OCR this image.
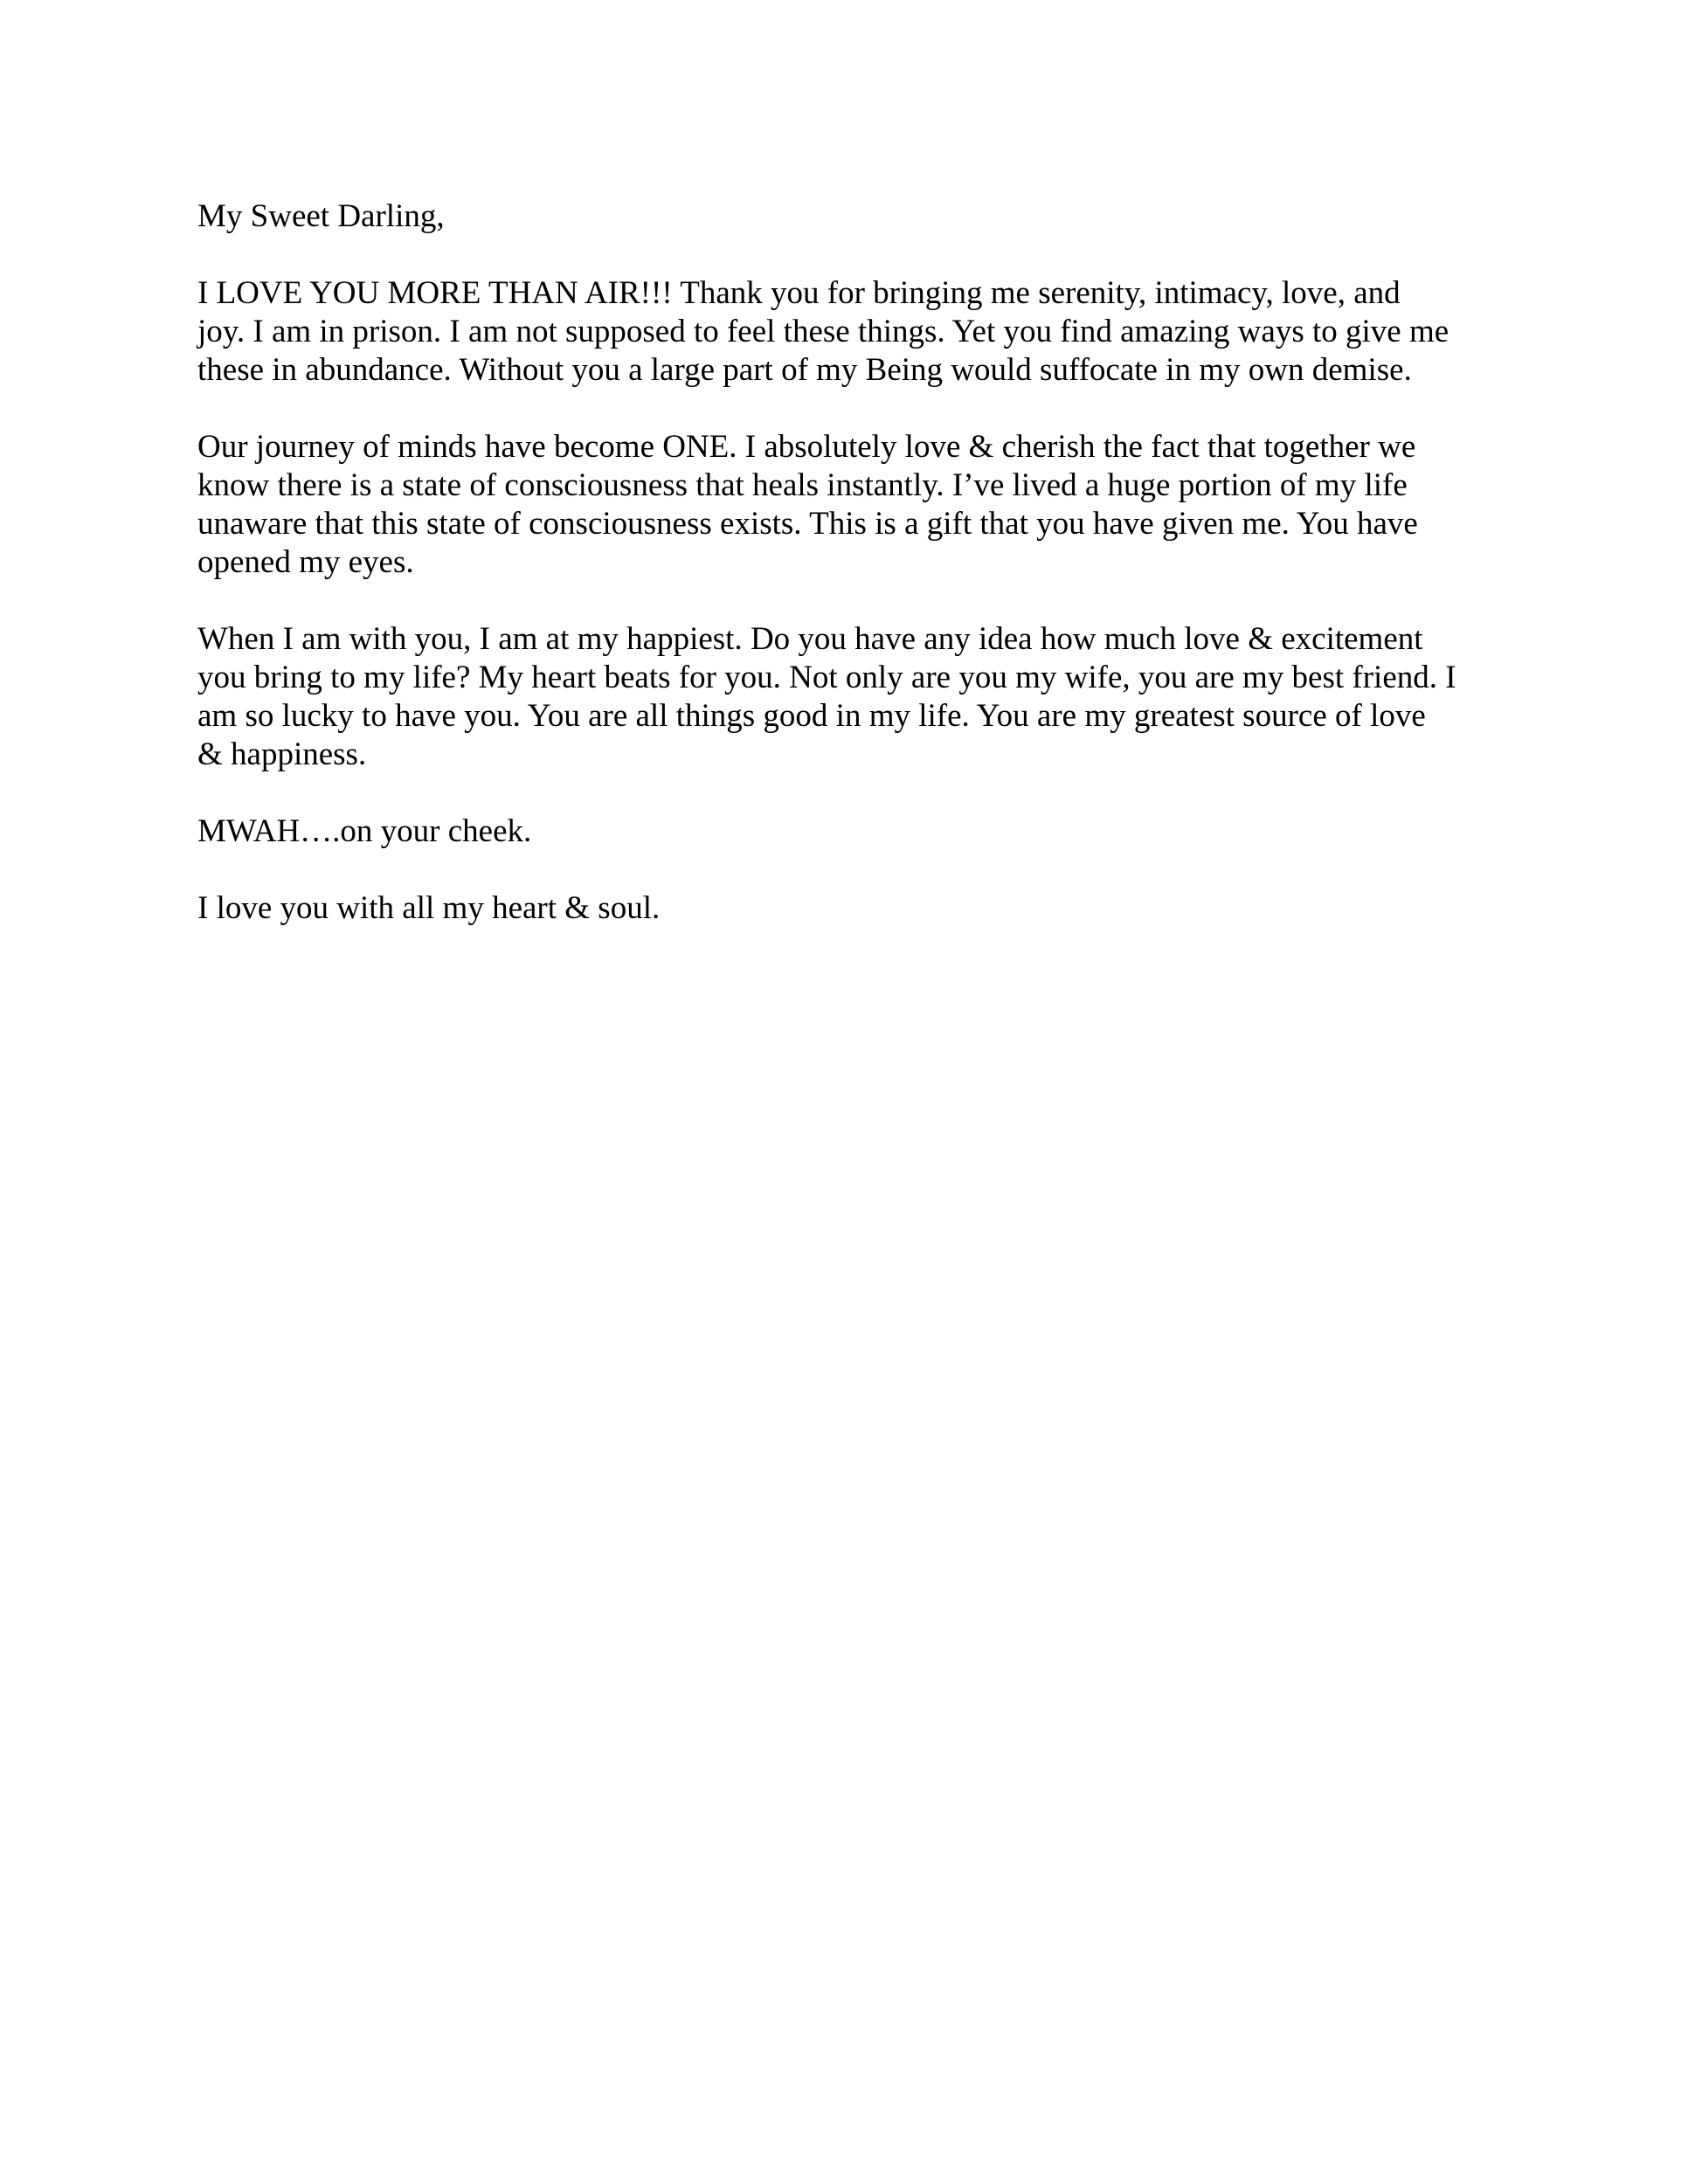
My Sweet Darling,
I LOVE YOU MORE THAN AIR!!! Thank you for bringing me serenity, intimacy, love, and
joy. I am in prison. I am not supposed to feel these things. Yet you find amazing ways to give me
these in abundance. Without you a large part of my Being would suffocate in my own demise.
Our journey of minds have become ONE. I absolutely love & cherish the fact that together we
know there is a state of consciousness that heals instantly. I’ve lived a huge portion of my life
unaware that this state of consciousness exists. This is a gift that you have given me. You have
opened my eyes.
When I am with you, I am at my happiest. Do you have any idea how much love & excitement
you bring to my life? My heart beats for you. Not only are you my wife, you are my best friend. I
am so lucky to have you. You are all things good in my life. You are my greatest source of love
& happiness.
MWAH….on your cheek.
I love you with all my heart & soul.
